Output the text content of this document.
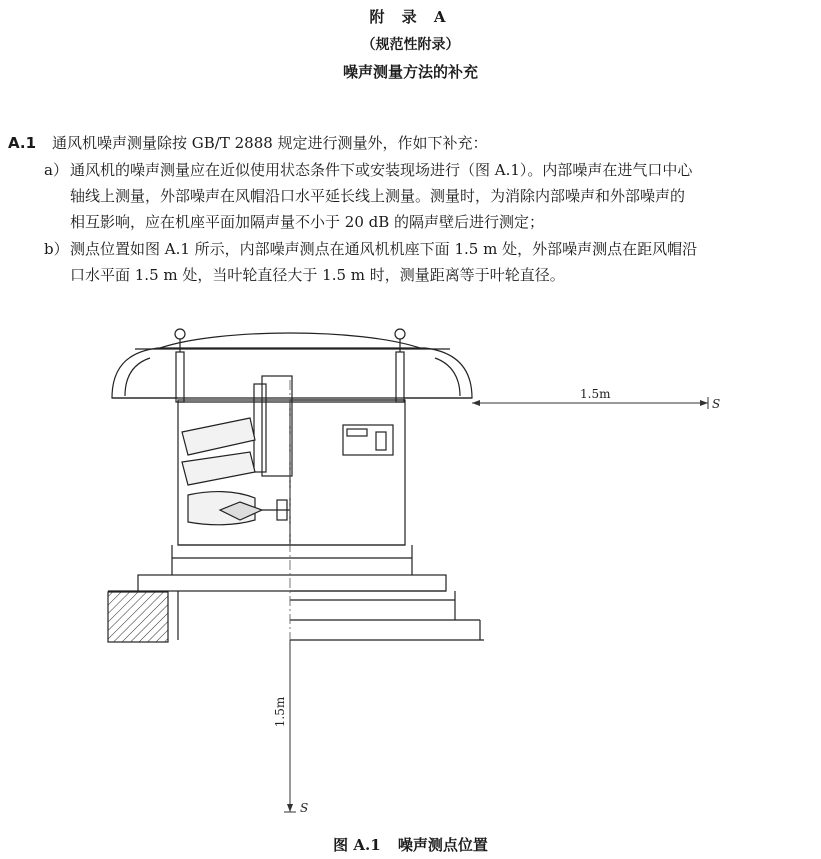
附 录 A
（规范性附录）
噪声测量方法的补充
A.1 通风机噪声测量除按 GB/T 2888 规定进行测量外，作如下补充：
a） 通风机的噪声测量应在近似使用状态条件下或安装现场进行（图 A.1）。内部噪声在进气口中心
轴线上测量，外部噪声在风帽沿口水平延长线上测量。测量时，为消除内部噪声和外部噪声的
相互影响，应在机座平面加隔声量不小于 20 dB 的隔声壁后进行测定；
b） 测点位置如图 A.1 所示，内部噪声测点在通风机机座下面 1.5 m 处，外部噪声测点在距风帽沿
口水平面 1.5 m 处，当叶轮直径大于 1.5 m 时，测量距离等于叶轮直径。
1.5m
S
1.5m
S
图 A.1 噪声测点位置
